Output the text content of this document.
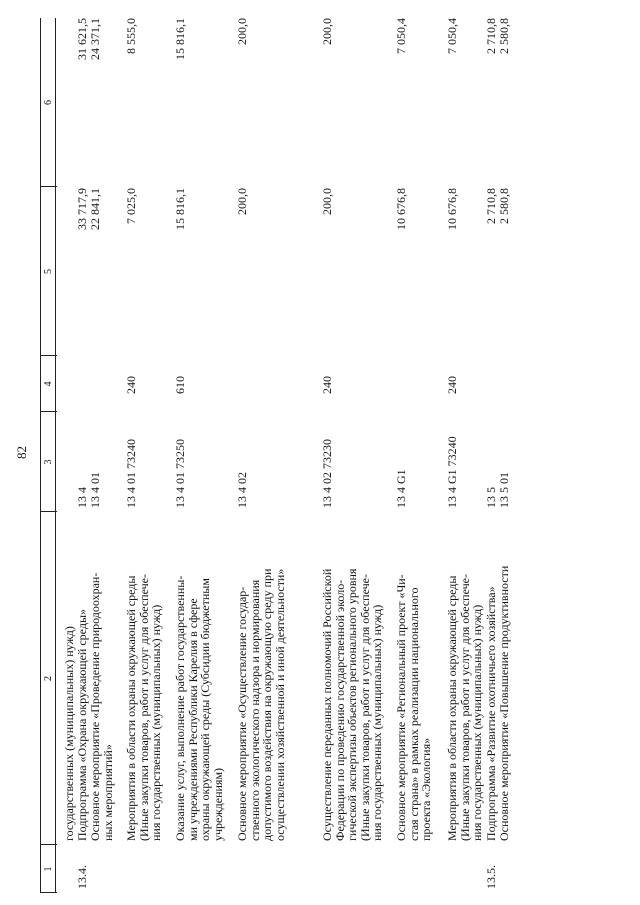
82
1
2
3
4
5
6
государственных (муниципальных) нужд)
13.4.
Подпрограмма «Охрана окружающей среды»
13 4
33 717,9
31 621,5
Основное мероприятие «Проведение природоохран-
ных мероприятий»
13 4 01
22 841,1
24 371,1
Мероприятия в области охраны окружающей среды
(Иные закупки товаров, работ и услуг для обеспече-
ния государственных (муниципальных) нужд)
13 4 01 73240
240
7 025,0
8 555,0
Оказание услуг, выполнение работ государственны-
ми учреждениями Республики Карелия в сфере
охраны окружающей среды (Субсидии бюджетным
учреждениям)
13 4 01 73250
610
15 816,1
15 816,1
Основное мероприятие «Осуществление государ-
ственного экологического надзора и нормирования
допустимого воздействия на окружающую среду при
осуществлении хозяйственной и иной деятельности»
13 4 02
200,0
200,0
Осуществление переданных полномочий Российской
Федерации по проведению государственной эколо-
гической экспертизы объектов регионального уровня
(Иные закупки товаров, работ и услуг для обеспече-
ния государственных (муниципальных) нужд)
13 4 02 73230
240
200,0
200,0
Основное мероприятие «Региональный проект «Чи-
стая страна» в рамках реализации национального
проекта «Экология»
13 4 G1
10 676,8
7 050,4
Мероприятия в области охраны окружающей среды
(Иные закупки товаров, работ и услуг для обеспече-
ния государственных (муниципальных) нужд)
13 4 G1 73240
240
10 676,8
7 050,4
13.5.
Подпрограмма «Развитие охотничьего хозяйства»
13 5
2 710,8
2 710,8
Основное мероприятие «Повышение продуктивности
13 5 01
2 580,8
2 580,8
